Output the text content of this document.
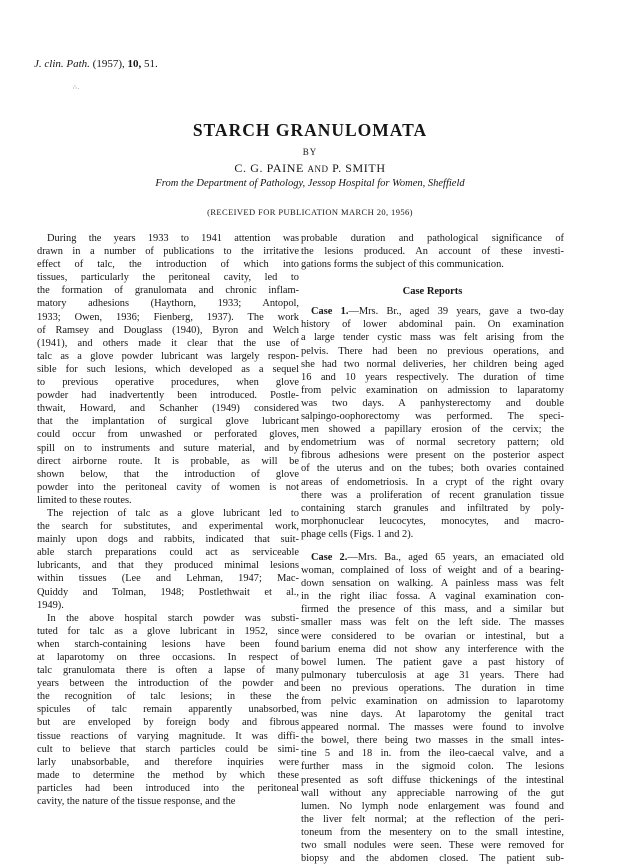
J. clin. Path. (1957), 10, 51.
∴.
STARCH GRANULOMATA
BY
C. G. PAINE AND P. SMITH
From the Department of Pathology, Jessop Hospital for Women, Sheffield
(RECEIVED FOR PUBLICATION MARCH 20, 1956)
During the years 1933 to 1941 attention was
drawn in a number of publications to the irritative
effect of talc, the introduction of which into
tissues, particularly the peritoneal cavity, led to
the formation of granulomata and chronic inflam-
matory adhesions (Haythorn, 1933; Antopol,
1933; Owen, 1936; Fienberg, 1937). The work
of Ramsey and Douglass (1940), Byron and Welch
(1941), and others made it clear that the use of
talc as a glove powder lubricant was largely respon-
sible for such lesions, which developed as a sequel
to previous operative procedures, when glove
powder had inadvertently been introduced. Postle-
thwait, Howard, and Schanher (1949) considered
that the implantation of surgical glove lubricant
could occur from unwashed or perforated gloves,
spill on to instruments and suture material, and by
direct airborne route. It is probable, as will be
shown below, that the introduction of glove
powder into the peritoneal cavity of women is not
limited to these routes.
The rejection of talc as a glove lubricant led to
the search for substitutes, and experimental work,
mainly upon dogs and rabbits, indicated that suit-
able starch preparations could act as serviceable
lubricants, and that they produced minimal lesions
within tissues (Lee and Lehman, 1947; Mac-
Quiddy and Tolman, 1948; Postlethwait et al.,
1949).
In the above hospital starch powder was substi-
tuted for talc as a glove lubricant in 1952, since
when starch-containing lesions have been found
at laparotomy on three occasions. In respect of
talc granulomata there is often a lapse of many
years between the introduction of the powder and
the recognition of talc lesions; in these the
spicules of talc remain apparently unabsorbed,
but are enveloped by foreign body and fibrous
tissue reactions of varying magnitude. It was diffi-
cult to believe that starch particles could be simi-
larly unabsorbable, and therefore inquiries were
made to determine the method by which these
particles had been introduced into the peritoneal
cavity, the nature of the tissue response, and the
probable duration and pathological significance of
the lesions produced. An account of these investi-
gations forms the subject of this communication.
Case Reports
Case 1.—Mrs. Br., aged 39 years, gave a two-day
history of lower abdominal pain. On examination
a large tender cystic mass was felt arising from the
pelvis. There had been no previous operations, and
she had two normal deliveries, her children being aged
16 and 10 years respectively. The duration of time
from pelvic examination on admission to laparatomy
was two days. A panhysterectomy and double
salpingo-oophorectomy was performed. The speci-
men showed a papillary erosion of the cervix; the
endometrium was of normal secretory pattern; old
fibrous adhesions were present on the posterior aspect
of the uterus and on the tubes; both ovaries contained
areas of endometriosis. In a crypt of the right ovary
there was a proliferation of recent granulation tissue
containing starch granules and infiltrated by poly-
morphonuclear leucocytes, monocytes, and macro-
phage cells (Figs. 1 and 2).
Case 2.—Mrs. Ba., aged 65 years, an emaciated old
woman, complained of loss of weight and of a bearing-
down sensation on walking. A painless mass was felt
in the right iliac fossa. A vaginal examination con-
firmed the presence of this mass, and a similar but
smaller mass was felt on the left side. The masses
were considered to be ovarian or intestinal, but a
barium enema did not show any interference with the
bowel lumen. The patient gave a past history of
pulmonary tuberculosis at age 31 years. There had
been no previous operations. The duration in time
from pelvic examination on admission to laparotomy
was nine days. At laparotomy the genital tract
appeared normal. The masses were found to involve
the bowel, there being two masses in the small intes-
tine 5 and 18 in. from the ileo-caecal valve, and a
further mass in the sigmoid colon. The lesions
presented as soft diffuse thickenings of the intestinal
wall without any appreciable narrowing of the gut
lumen. No lymph node enlargement was found and
the liver felt normal; at the reflection of the peri-
toneum from the mesentery on to the small intestine,
two small nodules were seen. These were removed for
biopsy and the abdomen closed. The patient sub-
